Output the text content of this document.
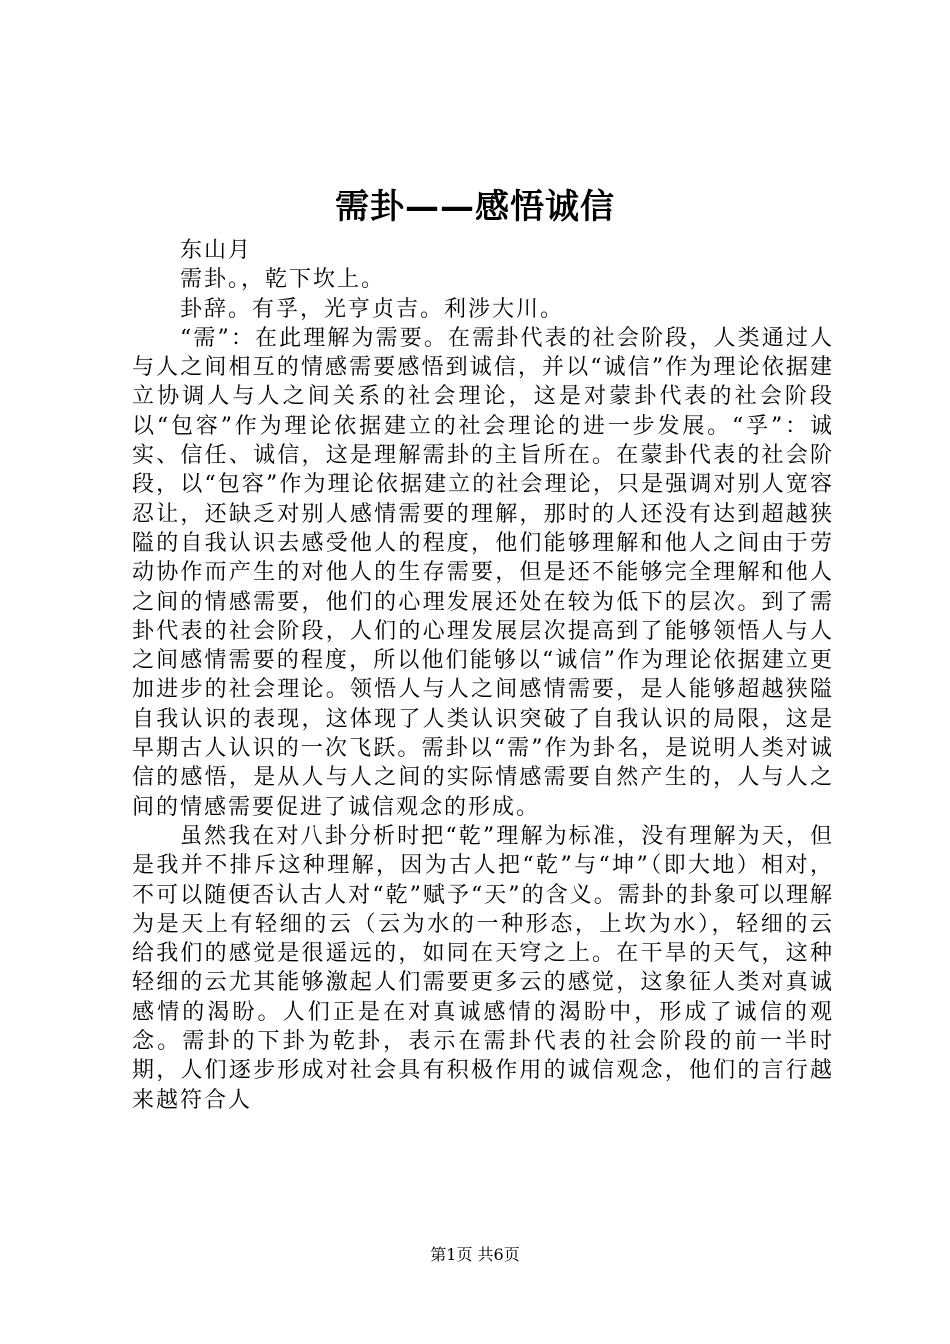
需卦——感悟诚信

东山月

需卦。，乾下坎上。

卦辞。有孚，光亨贞吉。利涉大川。

“需”：在此理解为需要。在需卦代表的社会阶段，人类通过人与人之间相互的情感需要感悟到诚信，并以“诚信”作为理论依据建立协调人与人之间关系的社会理论，这是对蒙卦代表的社会阶段以“包容”作为理论依据建立的社会理论的进一步发展。“孚”：诚实、信任、诚信，这是理解需卦的主旨所在。在蒙卦代表的社会阶段，以“包容”作为理论依据建立的社会理论，只是强调对别人宽容忍让，还缺乏对别人感情需要的理解，那时的人还没有达到超越狭隘的自我认识去感受他人的程度，他们能够理解和他人之间由于劳动协作而产生的对他人的生存需要，但是还不能够完全理解和他人之间的情感需要，他们的心理发展还处在较为低下的层次。到了需卦代表的社会阶段，人们的心理发展层次提高到了能够领悟人与人之间感情需要的程度，所以他们能够以“诚信”作为理论依据建立更加进步的社会理论。领悟人与人之间感情需要，是人能够超越狭隘自我认识的表现，这体现了人类认识突破了自我认识的局限，这是早期古人认识的一次飞跃。需卦以“需”作为卦名，是说明人类对诚信的感悟，是从人与人之间的实际情感需要自然产生的，人与人之间的情感需要促进了诚信观念的形成。

虽然我在对八卦分析时把“乾”理解为标准，没有理解为天，但是我并不排斥这种理解，因为古人把“乾”与“坤”（即大地）相对，不可以随便否认古人对“乾”赋予“天”的含义。需卦的卦象可以理解为是天上有轻细的云（云为水的一种形态，上坎为水），轻细的云给我们的感觉是很遥远的，如同在天穹之上。在干旱的天气，这种轻细的云尤其能够激起人们需要更多云的感觉，这象征人类对真诚感情的渴盼。人们正是在对真诚感情的渴盼中，形成了诚信的观念。需卦的下卦为乾卦，表示在需卦代表的社会阶段的前一半时期，人们逐步形成对社会具有积极作用的诚信观念，他们的言行越来越符合人

第1页 共6页
